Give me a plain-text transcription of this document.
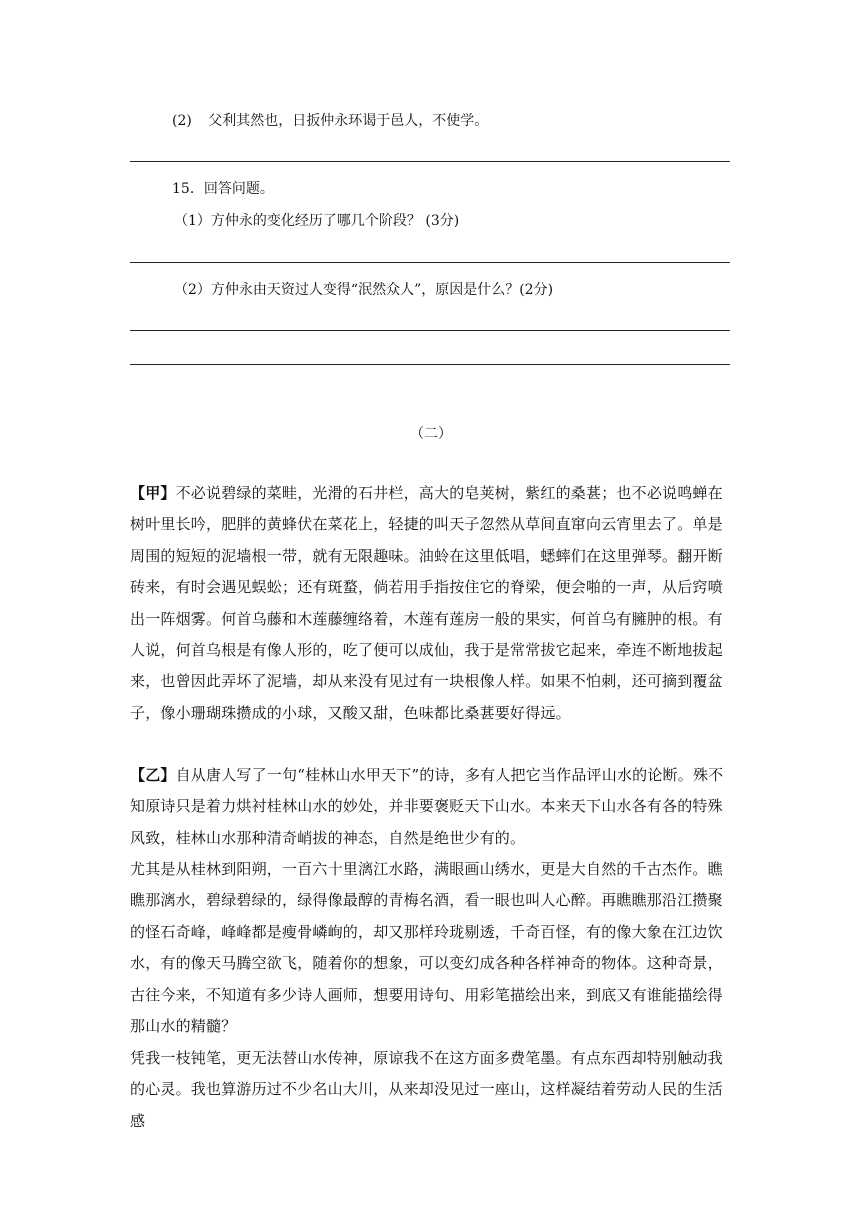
(2) 父利其然也，日扳仲永环谒于邑人，不使学。
15．回答问题。
（1）方仲永的变化经历了哪几个阶段？ (3分)
（2）方仲永由天资过人变得“泯然众人”，原因是什么？(2分)
（二）

【甲】不必说碧绿的菜畦，光滑的石井栏，高大的皂荚树，紫红的桑葚；也不必说鸣蝉在树叶里长吟，肥胖的黄蜂伏在菜花上，轻捷的叫天子忽然从草间直窜向云宵里去了。单是周围的短短的泥墙根一带，就有无限趣味。油蛉在这里低唱，蟋蟀们在这里弹琴。翻开断砖来，有时会遇见蜈蚣；还有斑蝥，倘若用手指按住它的脊梁，便会啪的一声，从后窍喷出一阵烟雾。何首乌藤和木莲藤缠络着，木莲有莲房一般的果实，何首乌有臃肿的根。有人说，何首乌根是有像人形的，吃了便可以成仙，我于是常常拔它起来，牵连不断地拔起来，也曾因此弄坏了泥墙，却从来没有见过有一块根像人样。如果不怕刺，还可摘到覆盆子，像小珊瑚珠攒成的小球，又酸又甜，色味都比桑葚要好得远。

【乙】自从唐人写了一句“桂林山水甲天下”的诗，多有人把它当作品评山水的论断。殊不知原诗只是着力烘衬桂林山水的妙处，并非要褒贬天下山水。本来天下山水各有各的特殊风致，桂林山水那种清奇峭拔的神态，自然是绝世少有的。

尤其是从桂林到阳朔，一百六十里漓江水路，满眼画山绣水，更是大自然的千古杰作。瞧瞧那漓水，碧绿碧绿的，绿得像最醇的青梅名酒，看一眼也叫人心醉。再瞧瞧那沿江攒聚的怪石奇峰，峰峰都是瘦骨嶙峋的，却又那样玲珑剔透，千奇百怪，有的像大象在江边饮水，有的像天马腾空欲飞，随着你的想象，可以变幻成各种各样神奇的物体。这种奇景，古往今来，不知道有多少诗人画师，想要用诗句、用彩笔描绘出来，到底又有谁能描绘得那山水的精髓？

凭我一枝钝笔，更无法替山水传神，原谅我不在这方面多费笔墨。有点东西却特别触动我的心灵。我也算游历过不少名山大川，从来却没见过一座山，这样凝结着劳动人民的生活感
